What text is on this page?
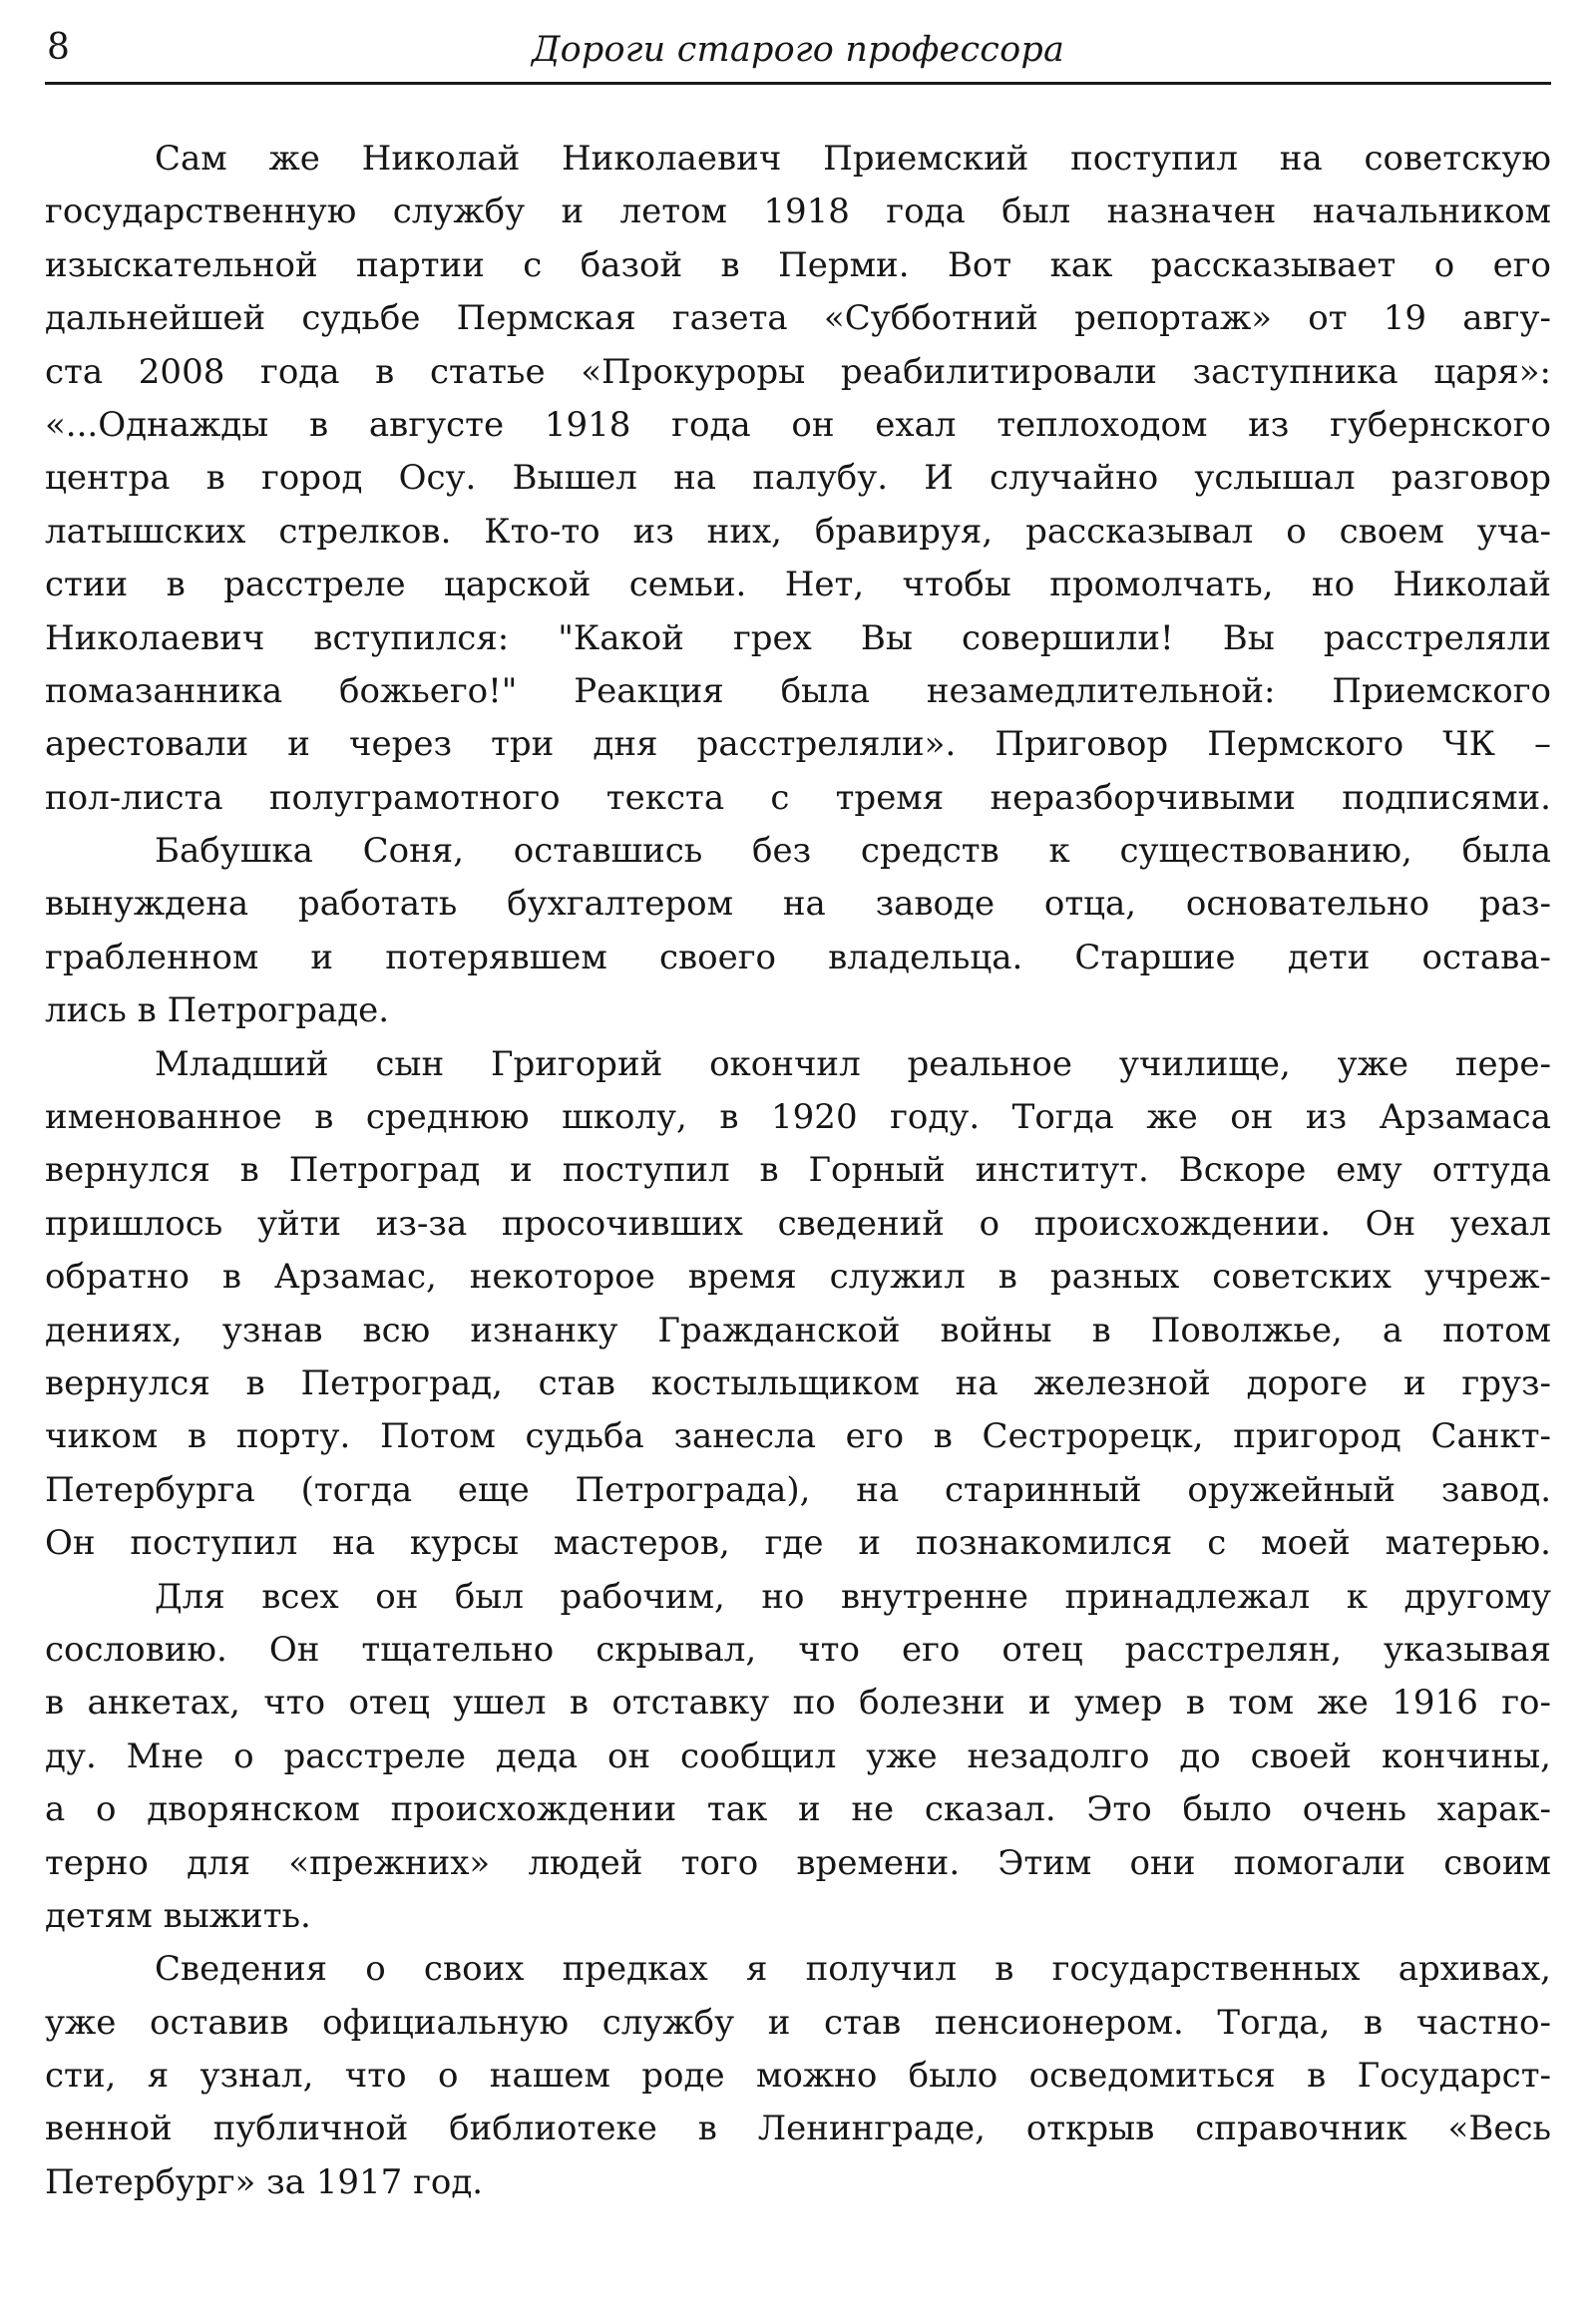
8	Дороги старого профессора

Сам же Николай Николаевич Приемский поступил на советскую
государственную службу и летом 1918 года был назначен начальником
изыскательной партии с базой в Перми. Вот как рассказывает о его
дальнейшей судьбе Пермская газета «Субботний репортаж» от 19 авгу-
ста 2008 года в статье «Прокуроры реабилитировали заступника царя»:
«...Однажды в августе 1918 года он ехал теплоходом из губернского
центра в город Осу. Вышел на палубу. И случайно услышал разговор
латышских стрелков. Кто-то из них, бравируя, рассказывал о своем уча-
стии в расстреле царской семьи. Нет, чтобы промолчать, но Николай
Николаевич вступился: "Какой грех Вы совершили! Вы расстреляли
помазанника божьего!" Реакция была незамедлительной: Приемского
арестовали и через три дня расстреляли». Приговор Пермского ЧК –
пол-листа полуграмотного текста с тремя неразборчивыми подписями.

Бабушка Соня, оставшись без средств к существованию, была
вынуждена работать бухгалтером на заводе отца, основательно раз-
грабленном и потерявшем своего владельца. Старшие дети остава-
лись в Петрограде.

Младший сын Григорий окончил реальное училище, уже пере-
именованное в среднюю школу, в 1920 году. Тогда же он из Арзамаса
вернулся в Петроград и поступил в Горный институт. Вскоре ему оттуда
пришлось уйти из-за просочивших сведений о происхождении. Он уехал
обратно в Арзамас, некоторое время служил в разных советских учреж-
дениях, узнав всю изнанку Гражданской войны в Поволжье, а потом
вернулся в Петроград, став костыльщиком на железной дороге и груз-
чиком в порту. Потом судьба занесла его в Сестрорецк, пригород Санкт-
Петербурга (тогда еще Петрограда), на старинный оружейный завод.
Он поступил на курсы мастеров, где и познакомился с моей матерью.

Для всех он был рабочим, но внутренне принадлежал к другому
сословию. Он тщательно скрывал, что его отец расстрелян, указывая
в анкетах, что отец ушел в отставку по болезни и умер в том же 1916 го-
ду. Мне о расстреле деда он сообщил уже незадолго до своей кончины,
а о дворянском происхождении так и не сказал. Это было очень харак-
терно для «прежних» людей того времени. Этим они помогали своим
детям выжить.

Сведения о своих предках я получил в государственных архивах,
уже оставив официальную службу и став пенсионером. Тогда, в частно-
сти, я узнал, что о нашем роде можно было осведомиться в Государст-
венной публичной библиотеке в Ленинграде, открыв справочник «Весь
Петербург» за 1917 год.
